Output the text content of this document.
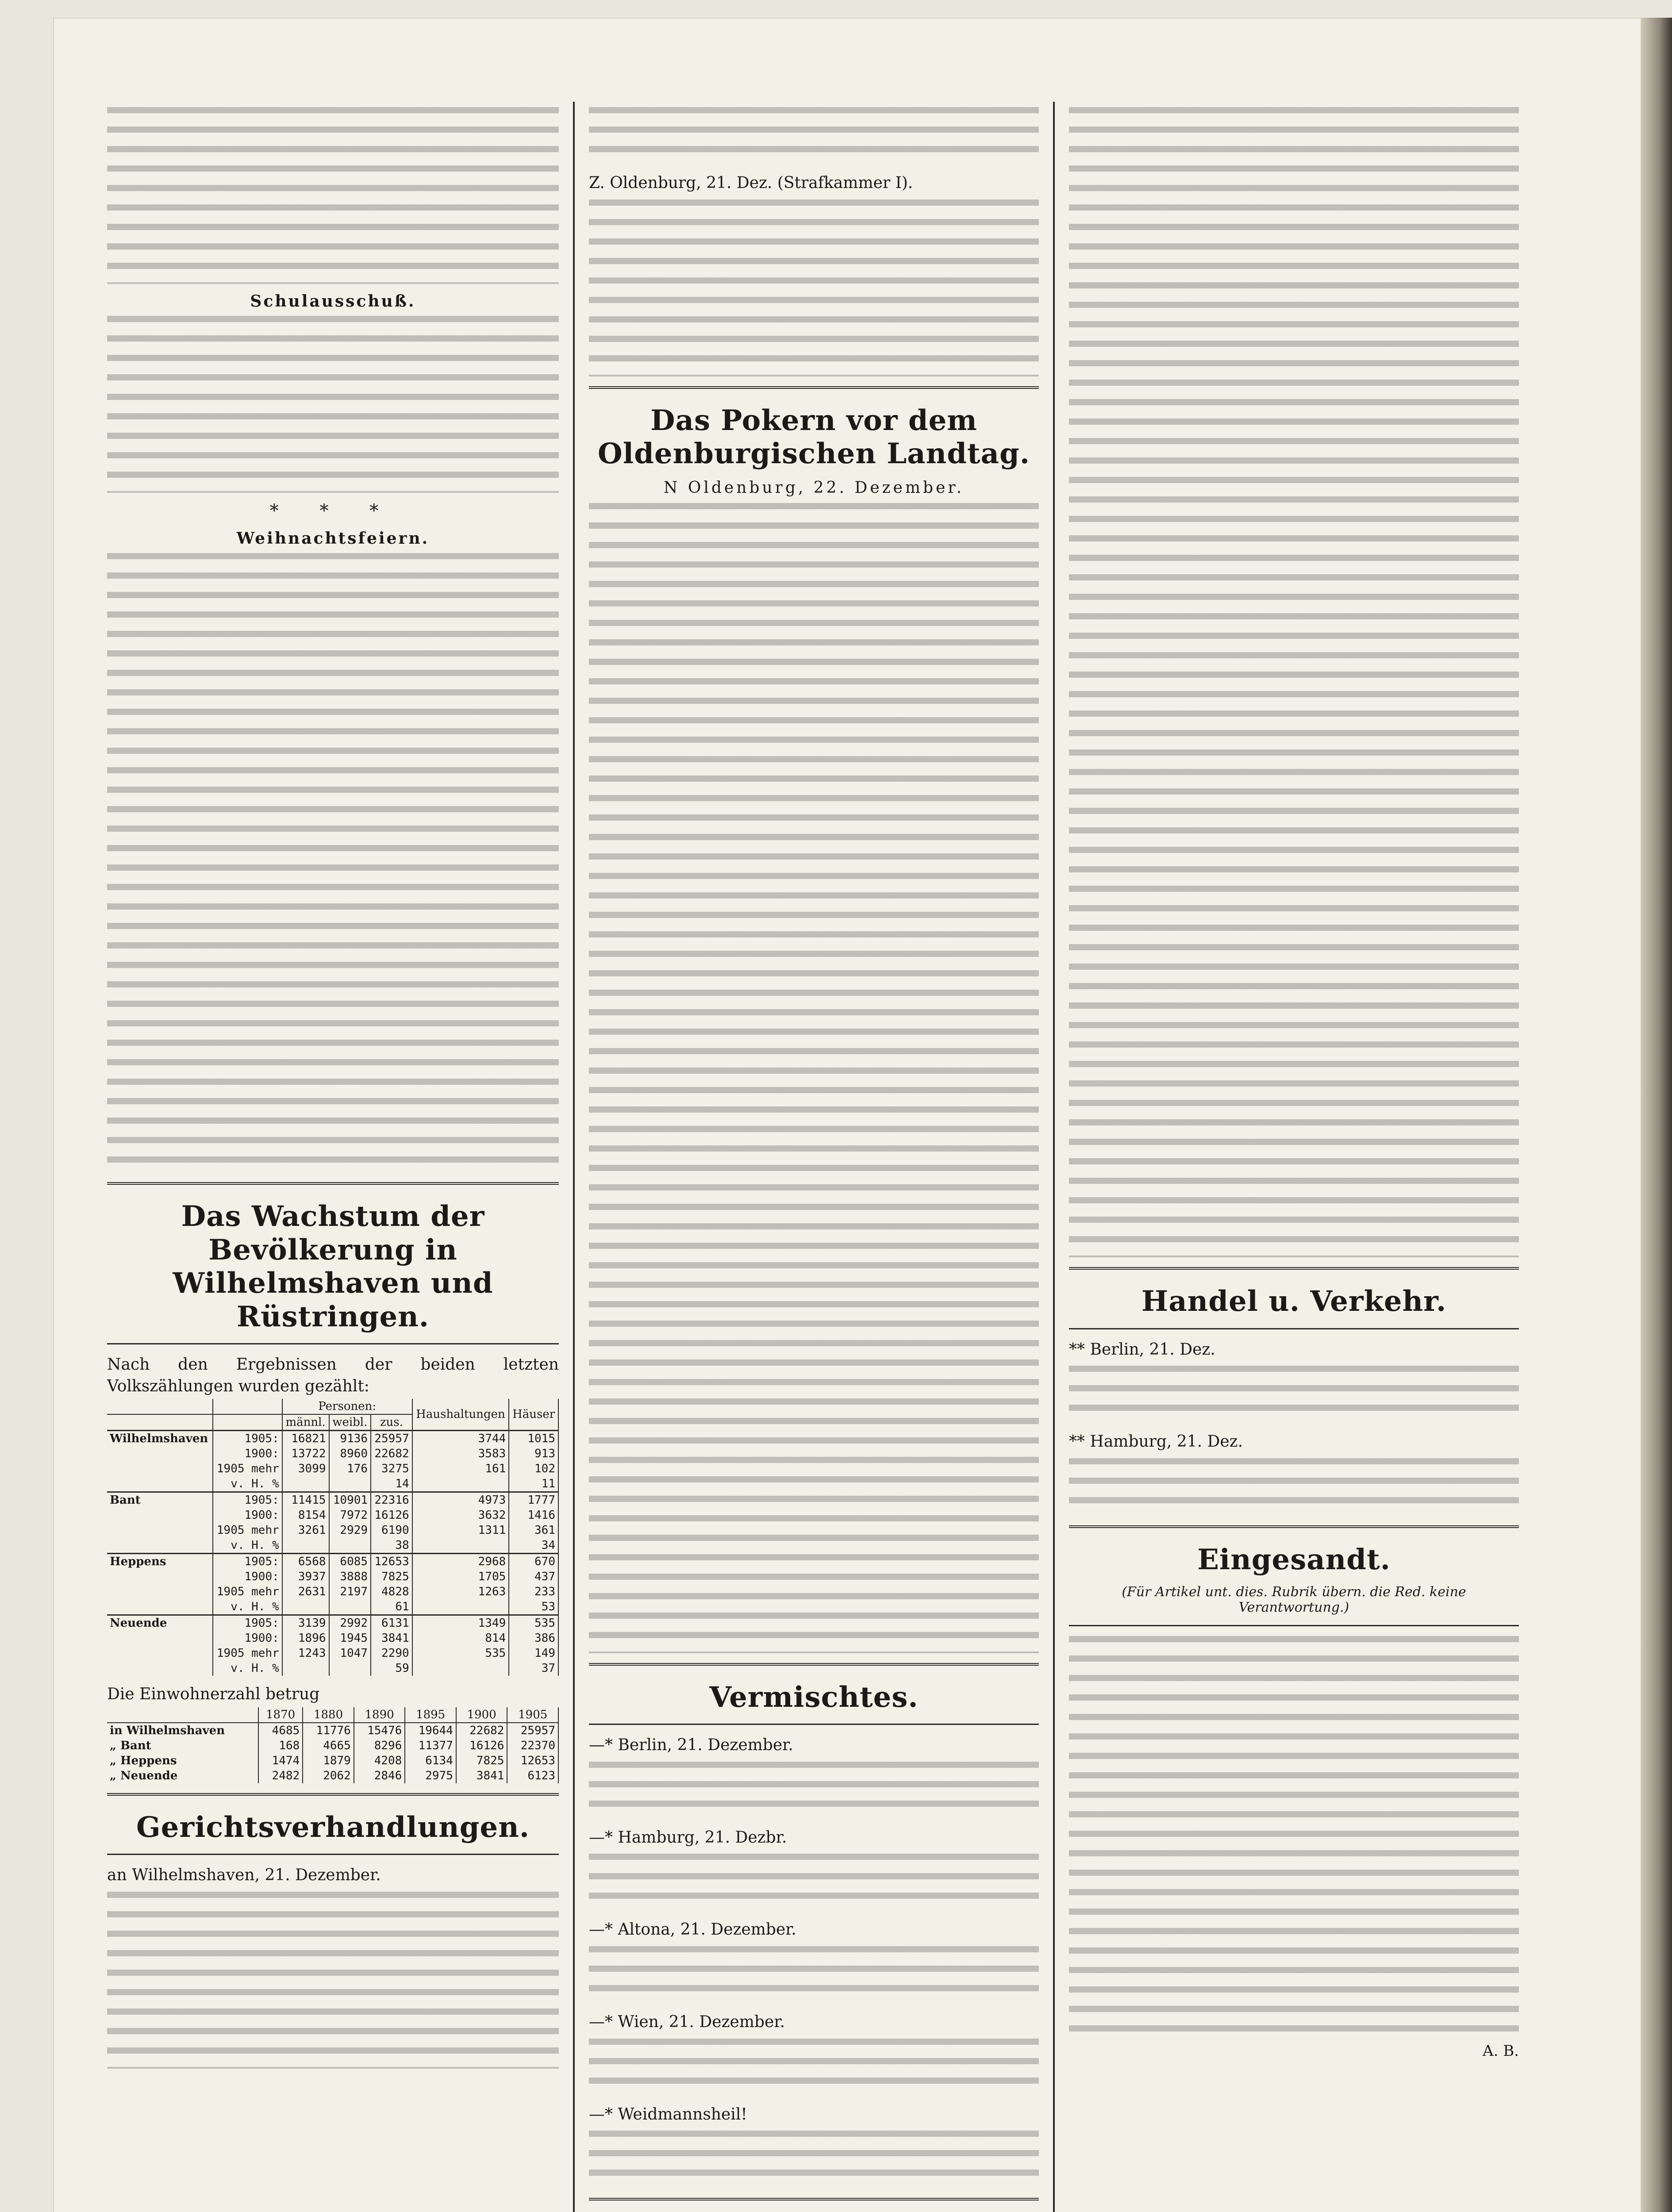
Schulausschuß.
* * *
Weihnachtsfeiern.
Das Wachstum der Bevölkerung in Wilhelmshaven und Rüstringen.
Nach den Ergebnissen der beiden letzten Volkszählungen wurden gezählt:
		Personen:			Haushaltungen	Häuser
		männl.	weibl.	zus.		
Wilhelmshaven	1905:	16821	9136	25957	3744	1015
	1900:	13722	8960	22682	3583	913
	1905 mehr	3099	176	3275	161	102
	v. H. %			14		11
Bant	1905:	11415	10901	22316	4973	1777
	1900:	8154	7972	16126	3632	1416
	1905 mehr	3261	2929	6190	1311	361
	v. H. %			38		34
Heppens	1905:	6568	6085	12653	2968	670
	1900:	3937	3888	7825	1705	437
	1905 mehr	2631	2197	4828	1263	233
	v. H. %			61		53
Neuende	1905:	3139	2992	6131	1349	535
	1900:	1896	1945	3841	814	386
	1905 mehr	1243	1047	2290	535	149
	v. H. %			59		37
Die Einwohnerzahl betrug
	1870	1880	1890	1895	1900	1905
in Wilhelmshaven	4685	11776	15476	19644	22682	25957
„ Bant	168	4665	8296	11377	16126	22370
„ Heppens	1474	1879	4208	6134	7825	12653
„ Neuende	2482	2062	2846	2975	3841	6123
Gerichtsverhandlungen.
an Wilhelmshaven, 21. Dezember.
Z. Oldenburg, 21. Dez. (Strafkammer I).
Das Pokern vor dem Oldenburgischen Landtag.
N Oldenburg, 22. Dezember.
Vermischtes.
—* Berlin, 21. Dezember.
—* Hamburg, 21. Dezbr.
—* Altona, 21. Dezember.
—* Wien, 21. Dezember.
—* Weidmannsheil!
Handel u. Verkehr.
** Berlin, 21. Dez.
** Hamburg, 21. Dez.
Eingesandt.
(Für Artikel unt. dies. Rubrik übern. die Red. keine Verantwortung.)
A. B.
